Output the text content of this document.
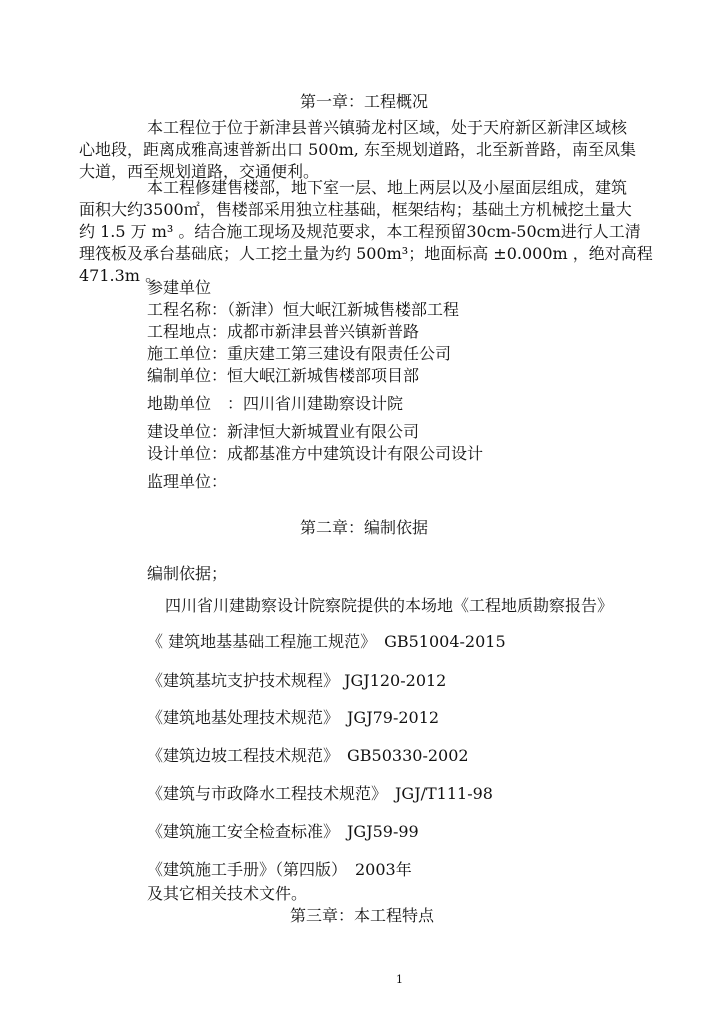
第一章：工程概况
本工程位于位于新津县普兴镇骑龙村区域，处于天府新区新津区域核
心地段，距离成雅高速普新出口 500m, 东至规划道路，北至新普路，南至凤集
大道，西至规划道路，交通便利。
本工程修建售楼部，地下室一层、地上两层以及小屋面层组成，建筑
面积大约3500㎡，售楼部采用独立柱基础，框架结构；基础土方机械挖土量大
约 1.5 万 m³ 。结合施工现场及规范要求，本工程预留30cm-50cm进行人工清
理筏板及承台基础底；人工挖土量为约 500m³；地面标高 ±0.000m ，绝对高程
471.3m 。
参建单位
工程名称：（新津）恒大岷江新城售楼部工程
工程地点：成都市新津县普兴镇新普路
施工单位：重庆建工第三建设有限责任公司
编制单位：恒大岷江新城售楼部项目部
地勘单位　：四川省川建勘察设计院
建设单位：新津恒大新城置业有限公司
设计单位：成都基准方中建筑设计有限公司设计
监理单位：
第二章：编制依据
编制依据；
四川省川建勘察设计院察院提供的本场地《工程地质勘察报告》
《 建筑地基基础工程施工规范》　GB51004-2015
《建筑基坑支护技术规程》 JGJ120-2012
《建筑地基处理技术规范》　JGJ79-2012
《建筑边坡工程技术规范》　GB50330-2002
《建筑与市政降水工程技术规范》　JGJ/T111-98
《建筑施工安全检查标准》　JGJ59-99
《建筑施工手册》（第四版）　2003年
及其它相关技术文件。
第三章：本工程特点
1
